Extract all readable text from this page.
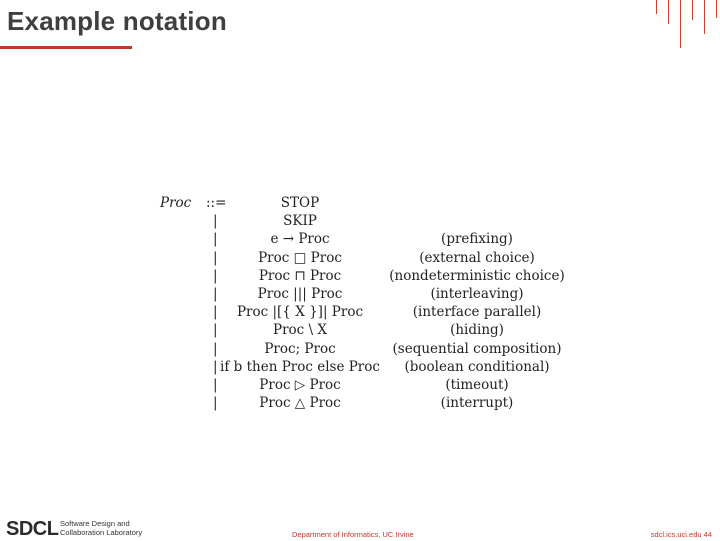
Example notation
Proc ::=	STOP
|	SKIP
|	e → Proc	(prefixing)
|	Proc □ Proc	(external choice)
|	Proc ⊓ Proc	(nondeterministic choice)
|	Proc ||| Proc	(interleaving)
| Proc |[{ X }]| Proc	(interface parallel)
|	Proc \ X	(hiding)
|	Proc; Proc	(sequential composition)
| if b then Proc else Proc (boolean conditional)
|	Proc ▷ Proc	(timeout)
|	Proc △ Proc	(interrupt)
SDCL Software Design and
Collaboration Laboratory	Department of Informatics, UC Irvine	sdcl.ics.uci.edu 44
